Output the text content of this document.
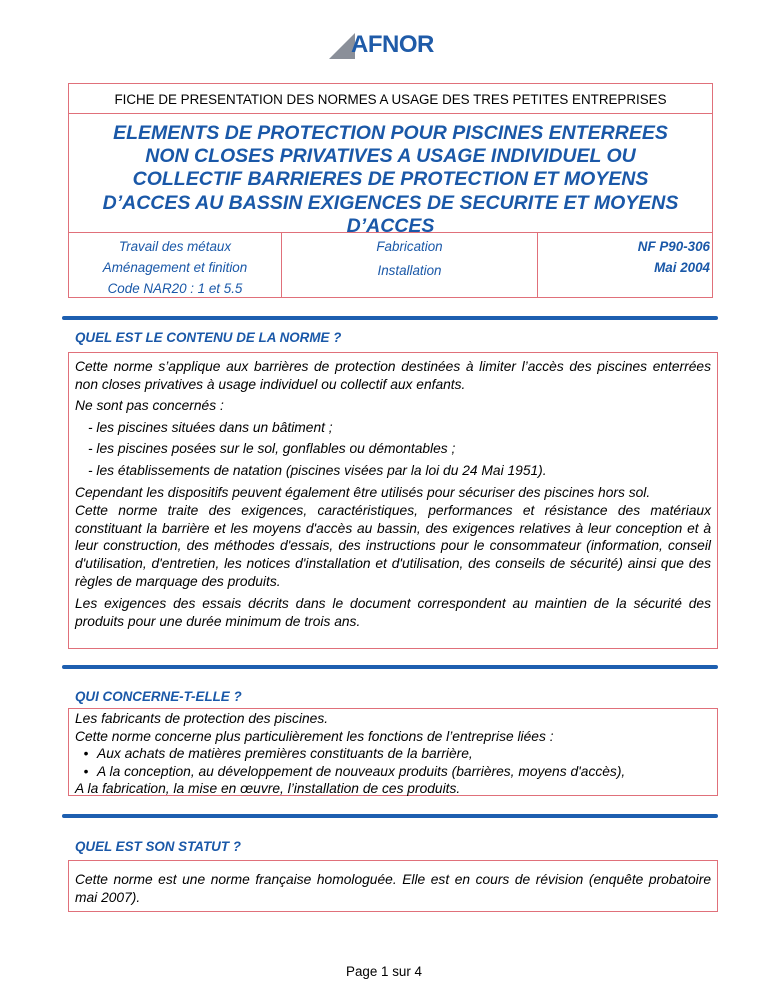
AFNOR
FICHE DE PRESENTATION DES NORMES A USAGE DES TRES PETITES ENTREPRISES
ELEMENTS DE PROTECTION POUR PISCINES ENTERREES
NON CLOSES PRIVATIVES A USAGE INDIVIDUEL OU
COLLECTIF BARRIERES DE PROTECTION ET MOYENS
D’ACCES AU BASSIN EXIGENCES DE SECURITE ET MOYENS
D’ACCES
Travail des métaux
Aménagement et finition
Code NAR20 : 1 et 5.5
Fabrication
Installation
NF P90-306
Mai 2004
QUEL EST LE CONTENU DE LA NORME ?

Cette norme s’applique aux barrières de protection destinées à limiter l’accès des piscines enterrées non closes privatives à usage individuel ou collectif aux enfants.

Ne sont pas concernés :

- les piscines situées dans un bâtiment ;

- les piscines posées sur le sol, gonflables ou démontables ;

- les établissements de natation (piscines visées par la loi du 24 Mai 1951).

Cependant les dispositifs peuvent également être utilisés pour sécuriser des piscines hors sol.

Cette norme traite des exigences, caractéristiques, performances et résistance des matériaux constituant la barrière et les moyens d'accès au bassin, des exigences relatives à leur conception et à leur construction, des méthodes d'essais, des instructions pour le consommateur (information, conseil d'utilisation, d'entretien, les notices d'installation et d'utilisation, des conseils de sécurité) ainsi que des règles de marquage des produits.

Les exigences des essais décrits dans le document correspondent au maintien de la sécurité des produits pour une durée minimum de trois ans.

QUI CONCERNE-T-ELLE ?

Les fabricants de protection des piscines.

Cette norme concerne plus particulièrement les fonctions de l’entreprise liées :

• Aux achats de matières premières constituants de la barrière,
• A la conception, au développement de nouveaux produits (barrières, moyens d'accès),

A la fabrication, la mise en œuvre, l’installation de ces produits.

QUEL EST SON STATUT ?

Cette norme est une norme française homologuée. Elle est en cours de révision (enquête probatoire mai 2007).

Page 1 sur 4
